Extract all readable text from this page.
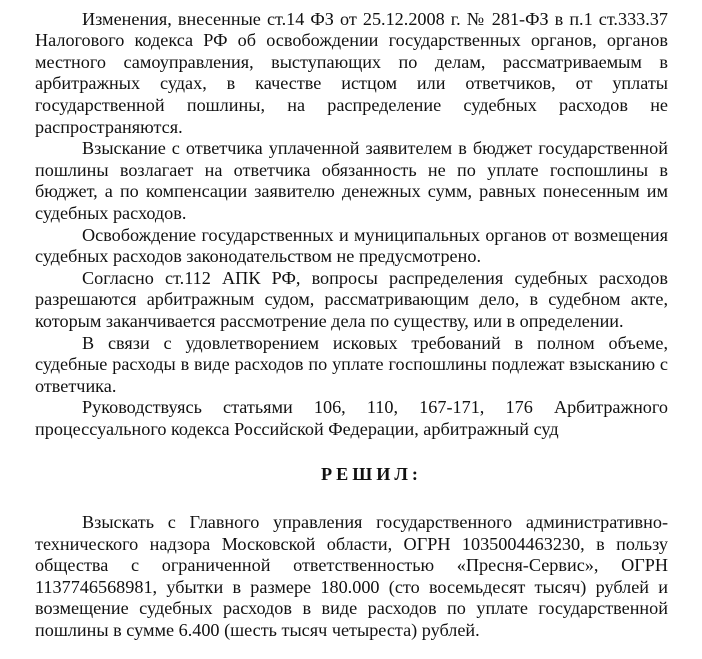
Изменения, внесенные ст.14 ФЗ от 25.12.2008 г. № 281-ФЗ в п.1 ст.333.37 Налогового кодекса РФ об освобождении государственных органов, органов местного самоуправления, выступающих по делам, рассматриваемым в арбитражных судах, в качестве истцом или ответчиков, от уплаты государственной пошлины, на распределение судебных расходов не распространяются.

Взыскание с ответчика уплаченной заявителем в бюджет государственной пошлины возлагает на ответчика обязанность не по уплате госпошлины в бюджет, а по компенсации заявителю денежных сумм, равных понесенным им судебных расходов.

Освобождение государственных и муниципальных органов от возмещения судебных расходов законодательством не предусмотрено.

Согласно ст.112 АПК РФ, вопросы распределения судебных расходов разрешаются арбитражным судом, рассматривающим дело, в судебном акте, которым заканчивается рассмотрение дела по существу, или в определении.

В связи с удовлетворением исковых требований в полном объеме, судебные расходы в виде расходов по уплате госпошлины подлежат взысканию с ответчика.

Руководствуясь статьями 106, 110, 167-171, 176 Арбитражного процессуального кодекса Российской Федерации, арбитражный суд

РЕШИЛ:

Взыскать с Главного управления государственного административно-технического надзора Московской области, ОГРН 1035004463230, в пользу общества с ограниченной ответственностью «Пресня-Сервис», ОГРН 1137746568981, убытки в размере 180.000 (сто восемьдесят тысяч) рублей и возмещение судебных расходов в виде расходов по уплате государственной пошлины в сумме 6.400 (шесть тысяч четыреста) рублей.
